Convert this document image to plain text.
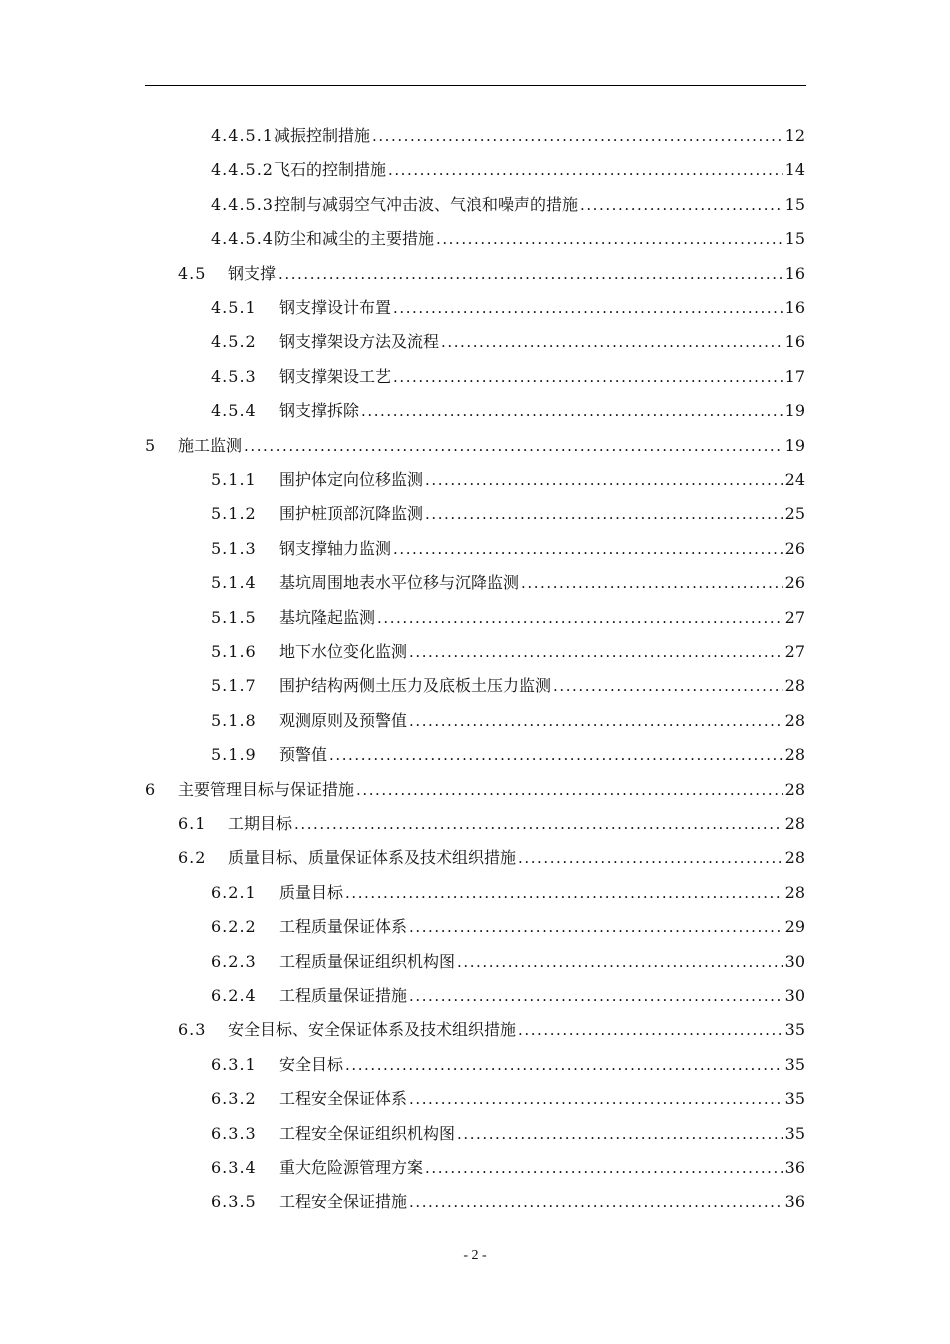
4.4.5.1 减振控制措施 . . .	12
4.4.5.2 飞石的控制措施 . . .	14
4.4.5.3 控制与减弱空气冲击波、气浪和噪声的措施 . . .	15
4.4.5.4 防尘和减尘的主要措施 . . .	15
4.5	钢支撑 . . .	16
4.5.1	钢支撑设计布置 . . .	16
4.5.2	钢支撑架设方法及流程 . . .	16
4.5.3	钢支撑架设工艺 . . .	17
4.5.4	钢支撑拆除 . . .	19
5	施工监测 . . .	19
5.1.1	围护体定向位移监测 . . .	24
5.1.2	围护桩顶部沉降监测 . . .	25
5.1.3	钢支撑轴力监测 . . .	26
5.1.4	基坑周围地表水平位移与沉降监测 . . .	26
5.1.5	基坑隆起监测 . . .	27
5.1.6	地下水位变化监测 . . .	27
5.1.7	围护结构两侧土压力及底板土压力监测 . . .	28
5.1.8	观测原则及预警值 . . .	28
5.1.9	预警值 . . .	28
6	主要管理目标与保证措施 . . .	28
6.1	工期目标 . . .	28
6.2	质量目标、质量保证体系及技术组织措施 . . .	28
6.2.1	质量目标 . . .	28
6.2.2	工程质量保证体系 . . .	29
6.2.3	工程质量保证组织机构图 . . .	30
6.2.4	工程质量保证措施 . . .	30
6.3	安全目标、安全保证体系及技术组织措施 . . .	35
6.3.1	安全目标 . . .	35
6.3.2	工程安全保证体系 . . .	35
6.3.3	工程安全保证组织机构图 . . .	35
6.3.4	重大危险源管理方案 . . .	36
6.3.5	工程安全保证措施 . . .	36
- 2 -
